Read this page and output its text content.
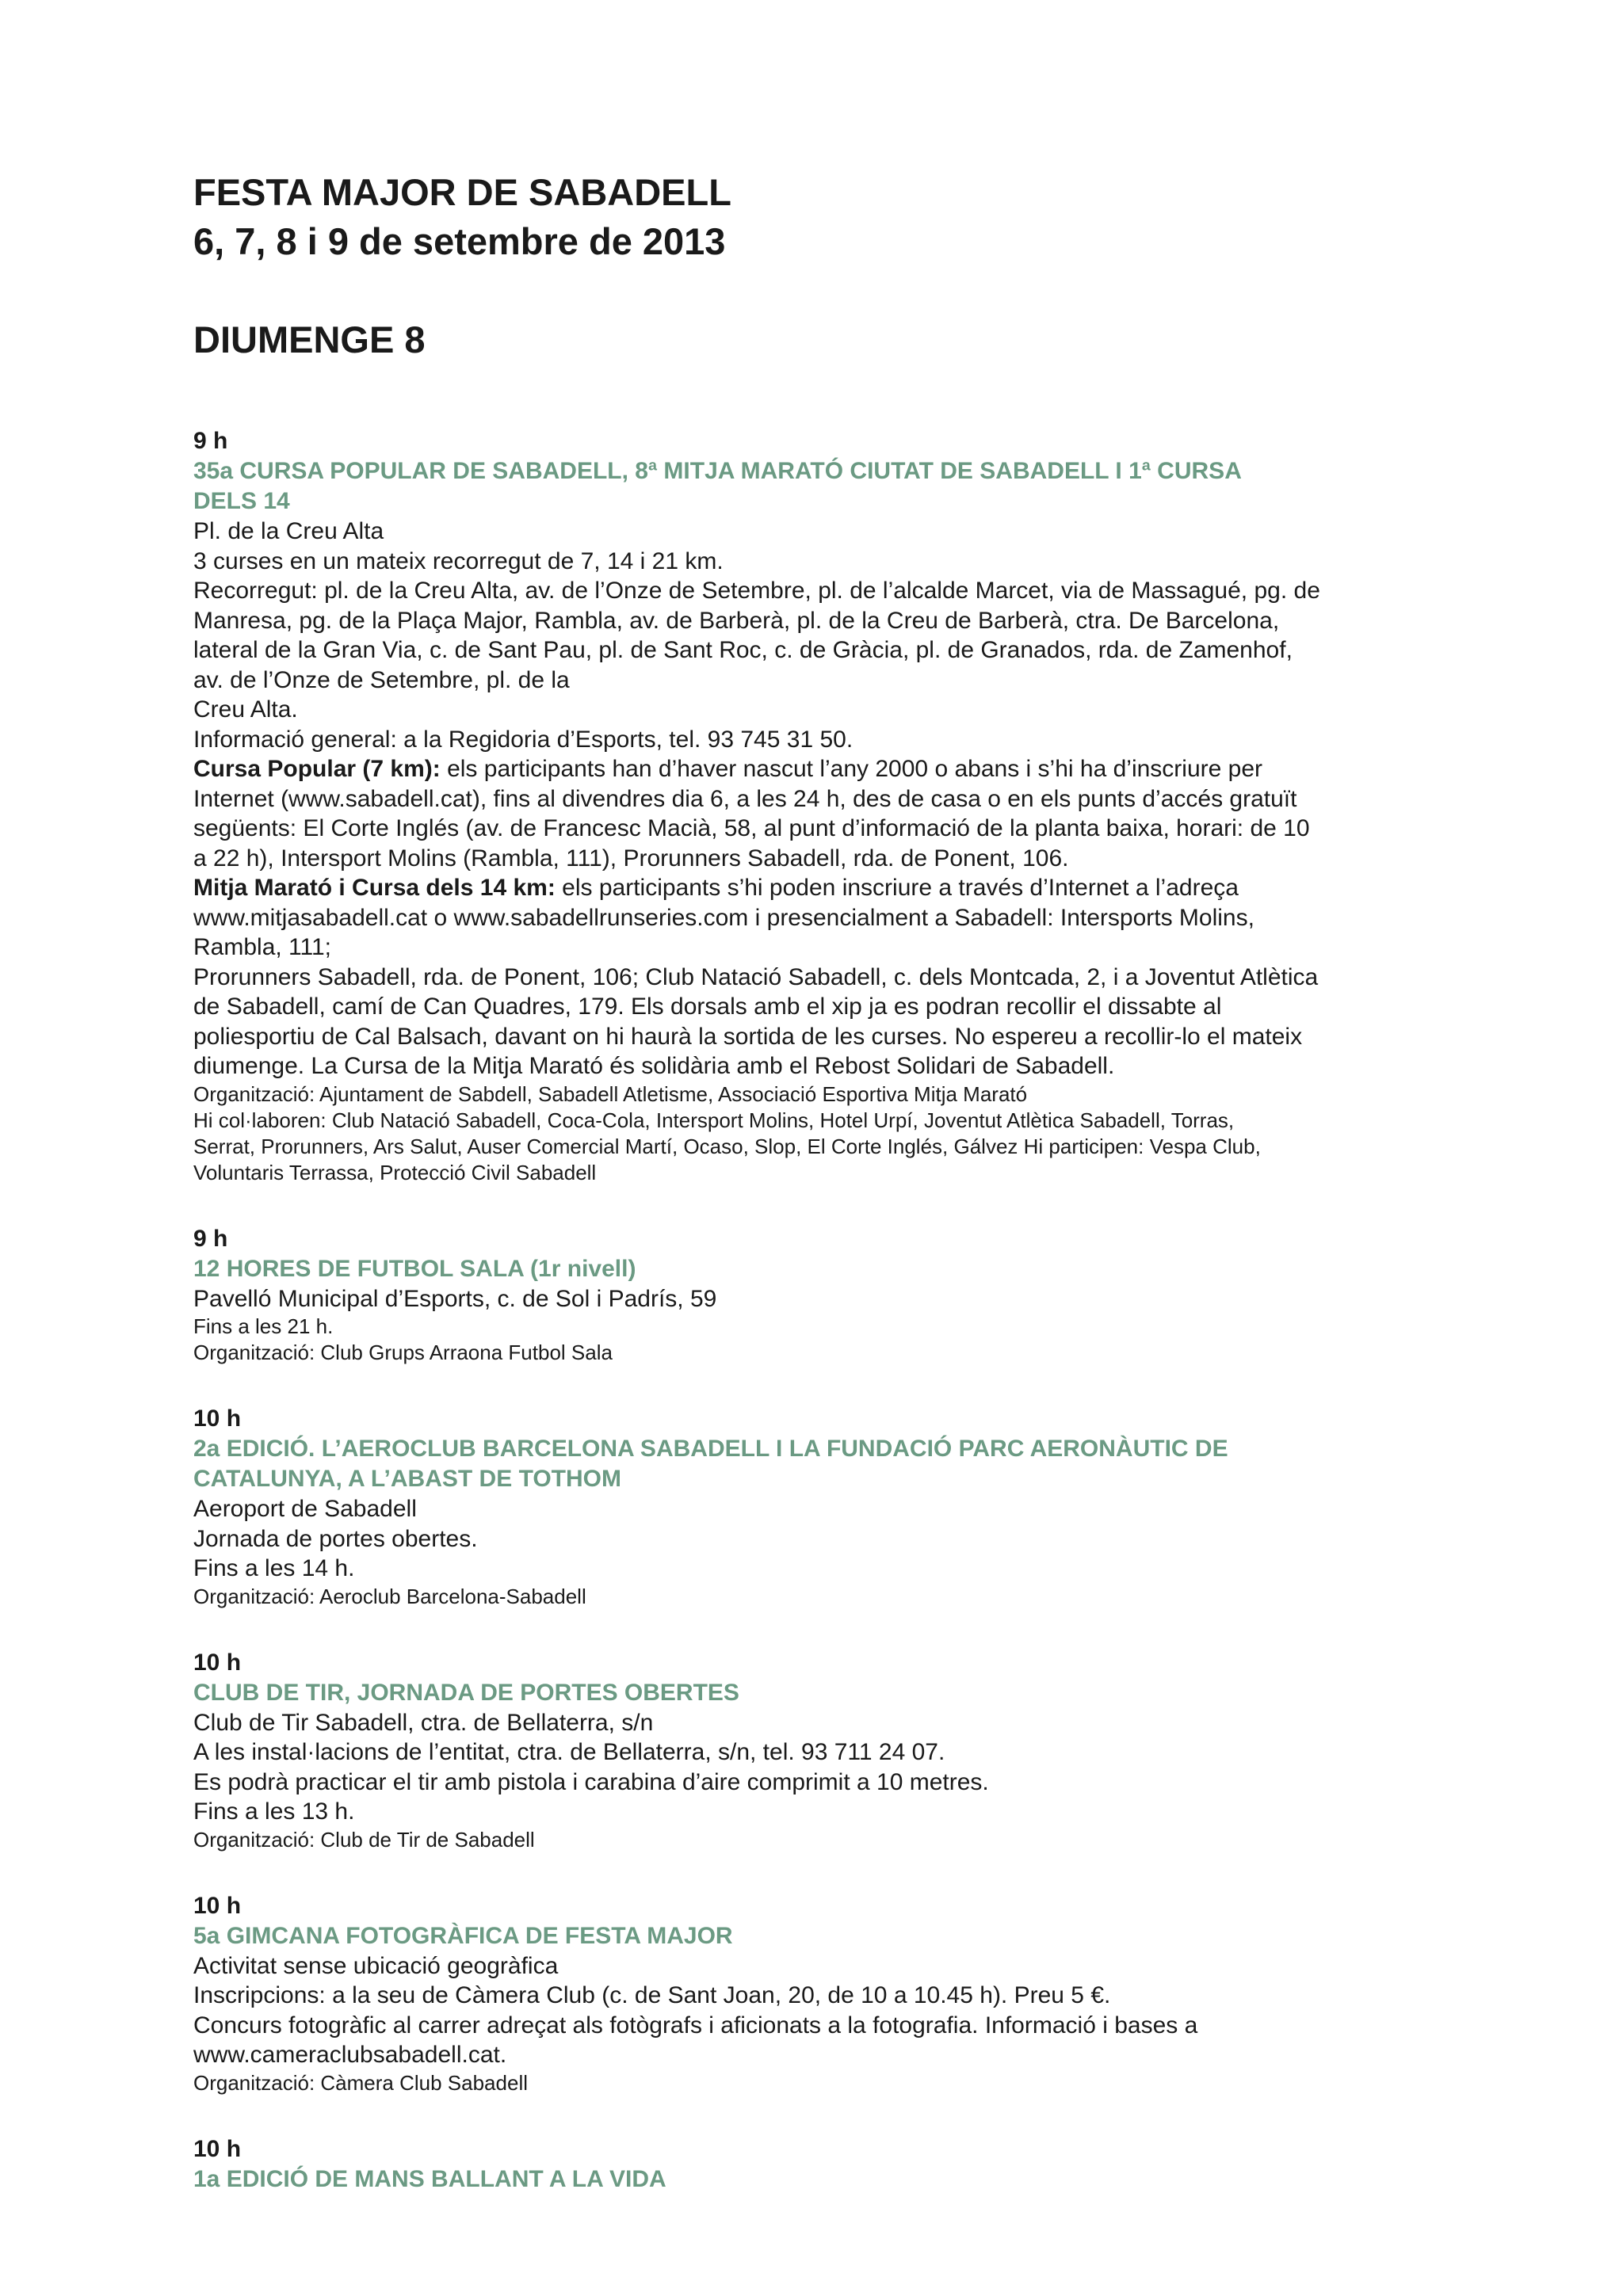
FESTA MAJOR DE SABADELL
6, 7, 8 i 9 de setembre de 2013
DIUMENGE 8
9 h
35a CURSA POPULAR DE SABADELL, 8ª MITJA MARATÓ CIUTAT DE SABADELL I 1ª CURSA
DELS 14
Pl. de la Creu Alta
3 curses en un mateix recorregut de 7, 14 i 21 km.
Recorregut: pl. de la Creu Alta, av. de l’Onze de Setembre, pl. de l’alcalde Marcet, via de Massagué, pg. de
Manresa, pg. de la Plaça Major, Rambla, av. de Barberà, pl. de la Creu de Barberà, ctra. De Barcelona,
lateral de la Gran Via, c. de Sant Pau, pl. de Sant Roc, c. de Gràcia, pl. de Granados, rda. de Zamenhof,
av. de l’Onze de Setembre, pl. de la
Creu Alta.
Informació general: a la Regidoria d’Esports, tel. 93 745 31 50.
Cursa Popular (7 km): els participants han d’haver nascut l’any 2000 o abans i s’hi ha d’inscriure per
Internet (www.sabadell.cat), fins al divendres dia 6, a les 24 h, des de casa o en els punts d’accés gratuït
següents: El Corte Inglés (av. de Francesc Macià, 58, al punt d’informació de la planta baixa, horari: de 10
a 22 h), Intersport Molins (Rambla, 111), Prorunners Sabadell, rda. de Ponent, 106.
Mitja Marató i Cursa dels 14 km: els participants s’hi poden inscriure a través d’Internet a l’adreça
www.mitjasabadell.cat o www.sabadellrunseries.com i presencialment a Sabadell: Intersports Molins,
Rambla, 111;
Prorunners Sabadell, rda. de Ponent, 106; Club Natació Sabadell, c. dels Montcada, 2, i a Joventut Atlètica
de Sabadell, camí de Can Quadres, 179. Els dorsals amb el xip ja es podran recollir el dissabte al
poliesportiu de Cal Balsach, davant on hi haurà la sortida de les curses. No espereu a recollir-lo el mateix
diumenge. La Cursa de la Mitja Marató és solidària amb el Rebost Solidari de Sabadell.
Organització: Ajuntament de Sabdell, Sabadell Atletisme, Associació Esportiva Mitja Marató
Hi col·laboren: Club Natació Sabadell, Coca-Cola, Intersport Molins, Hotel Urpí, Joventut Atlètica Sabadell, Torras,
Serrat, Prorunners, Ars Salut, Auser Comercial Martí, Ocaso, Slop, El Corte Inglés, Gálvez Hi participen: Vespa Club,
Voluntaris Terrassa, Protecció Civil Sabadell
9 h
12 HORES DE FUTBOL SALA (1r nivell)
Pavelló Municipal d’Esports, c. de Sol i Padrís, 59
Fins a les 21 h.
Organització: Club Grups Arraona Futbol Sala
10 h
2a EDICIÓ. L’AEROCLUB BARCELONA SABADELL I LA FUNDACIÓ PARC AERONÀUTIC DE
CATALUNYA, A L’ABAST DE TOTHOM
Aeroport de Sabadell
Jornada de portes obertes.
Fins a les 14 h.
Organització: Aeroclub Barcelona-Sabadell
10 h
CLUB DE TIR, JORNADA DE PORTES OBERTES
Club de Tir Sabadell, ctra. de Bellaterra, s/n
A les instal·lacions de l’entitat, ctra. de Bellaterra, s/n, tel. 93 711 24 07.
Es podrà practicar el tir amb pistola i carabina d’aire comprimit a 10 metres.
Fins a les 13 h.
Organització: Club de Tir de Sabadell
10 h
5a GIMCANA FOTOGRÀFICA DE FESTA MAJOR
Activitat sense ubicació geogràfica
Inscripcions: a la seu de Càmera Club (c. de Sant Joan, 20, de 10 a 10.45 h). Preu 5 €.
Concurs fotogràfic al carrer adreçat als fotògrafs i aficionats a la fotografia. Informació i bases a
www.cameraclubsabadell.cat.
Organització: Càmera Club Sabadell
10 h
1a EDICIÓ DE MANS BALLANT A LA VIDA
